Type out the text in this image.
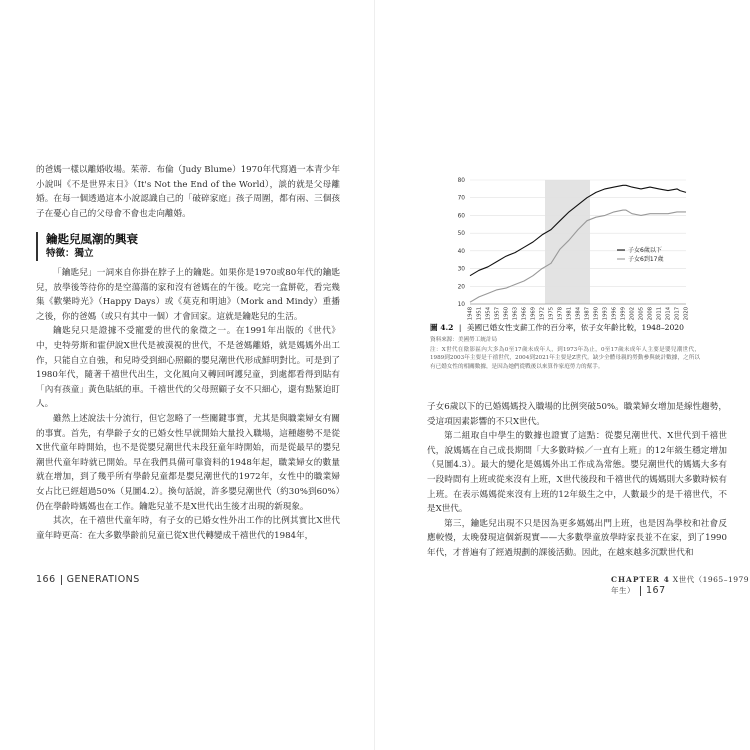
的爸媽一樣以離婚收場。茱蒂．布倫（Judy Blume）1970年代寫過一本青少年小說叫《不是世界末日》（It's Not the End of the World），談的就是父母離婚。在每一個透過這本小說認識自己的「破碎家庭」孩子周圍，都有兩、三個孩子在憂心自己的父母會不會也走向離婚。

鑰匙兒風潮的興衰
特徵：獨立

「鑰匙兒」一詞來自你掛在脖子上的鑰匙。如果你是1970或80年代的鑰匙兒，放學後等待你的是空蕩蕩的家和沒有爸媽在的午後。吃完一盒餅乾，看完幾集《歡樂時光》（Happy Days）或《莫克和明迪》（Mork and Mindy）重播之後，你的爸媽（或只有其中一個）才會回家。這就是鑰匙兒的生活。

鑰匙兒只是證據不受寵愛的世代的象徵之一。在1991年出版的《世代》中，史特勞斯和霍伊說X世代是被漠視的世代，不是爸媽離婚，就是媽媽外出工作，只能自立自強，和兒時受到細心照顧的嬰兒潮世代形成鮮明對比。可是到了1980年代，隨著千禧世代出生，文化風向又轉回呵護兒童，到處都看得到貼有「內有孩童」黃色貼紙的車。千禧世代的父母照顧子女不只細心，還有點緊迫盯人。

雖然上述說法十分流行，但它忽略了一些關鍵事實，尤其是與職業婦女有關的事實。首先，有學齡子女的已婚女性早就開始大量投入職場，這種趨勢不是從X世代童年時開始，也不是從嬰兒潮世代未段狂童年時開始，而是從最早的嬰兒潮世代童年時就已開始。早在我們具備可靠資料的1948年起，職業婦女的數量就在增加，到了幾乎所有學齡兒童都是嬰兒潮世代的1972年，女性中的職業婦女占比已經超過50%（見圖4.2）。換句話說，許多嬰兒潮世代（約30%到60%）仍在學齡時媽媽也在工作。鑰匙兒並不是X世代出生後才出現的新現象。

其次，在千禧世代童年時，有子女的已婚女性外出工作的比例其實比X世代童年時更高：在大多數學齡前兒童已從X世代轉變成千禧世代的1984年，

166 GENERATIONS

子女6歲以下的已婚媽媽投入職場的比例突破50%。職業婦女增加是線性趨勢，受這項因素影響的不只X世代。

第二組取自中學生的數據也證實了這點：從嬰兒潮世代、X世代到千禧世代，說媽媽在自己成長期間「大多數時候／一直有上班」的12年級生穩定增加（見圖4.3）。最大的變化是媽媽外出工作成為常態。嬰兒潮世代的媽媽大多有一段時間有上班或從來沒有上班，X世代後段和千禧世代的媽媽則大多數時候有上班。在表示媽媽從來沒有上班的12年級生之中，人數最少的是千禧世代，不是X世代。

第三，鑰匙兒出現不只是因為更多媽媽出門上班，也是因為學校和社會反應較慢，太晚發現這個新現實——大多數學童放學時家長並不在家，到了1990年代，才普遍有了經過規劃的課後活動。因此，在越來越多沉默世代和

CHAPTER 4 X世代（1965–1979 年生） 167
10
20
30
40
50
60
70
80
1948 1951 1954 1957 1960 1963 1966 1969 1972 1975 1978 1981 1984 1987 1990 1993 1996 1999 2002 2005 2008 2011 2014 2017 2020
子女6歲以下
子女6到17歲
圖 4.2 | 美國已婚女性支薪工作的百分率，依子女年齡比較，1948–2020
資料來源：美國勞工統計局
注：X世代在陰影區內大多為0至17歲未成年人，到1973年為止，0至17歲未成年人主要是嬰兒潮世代，1989到2003年主要是千禧世代，2004到2021年主要是Z世代。缺少全體母親的勞動參與統計數據，之所以有已婚女性的相關數據，是因為她們從戰後以來算作家庭勞力的幫手。
